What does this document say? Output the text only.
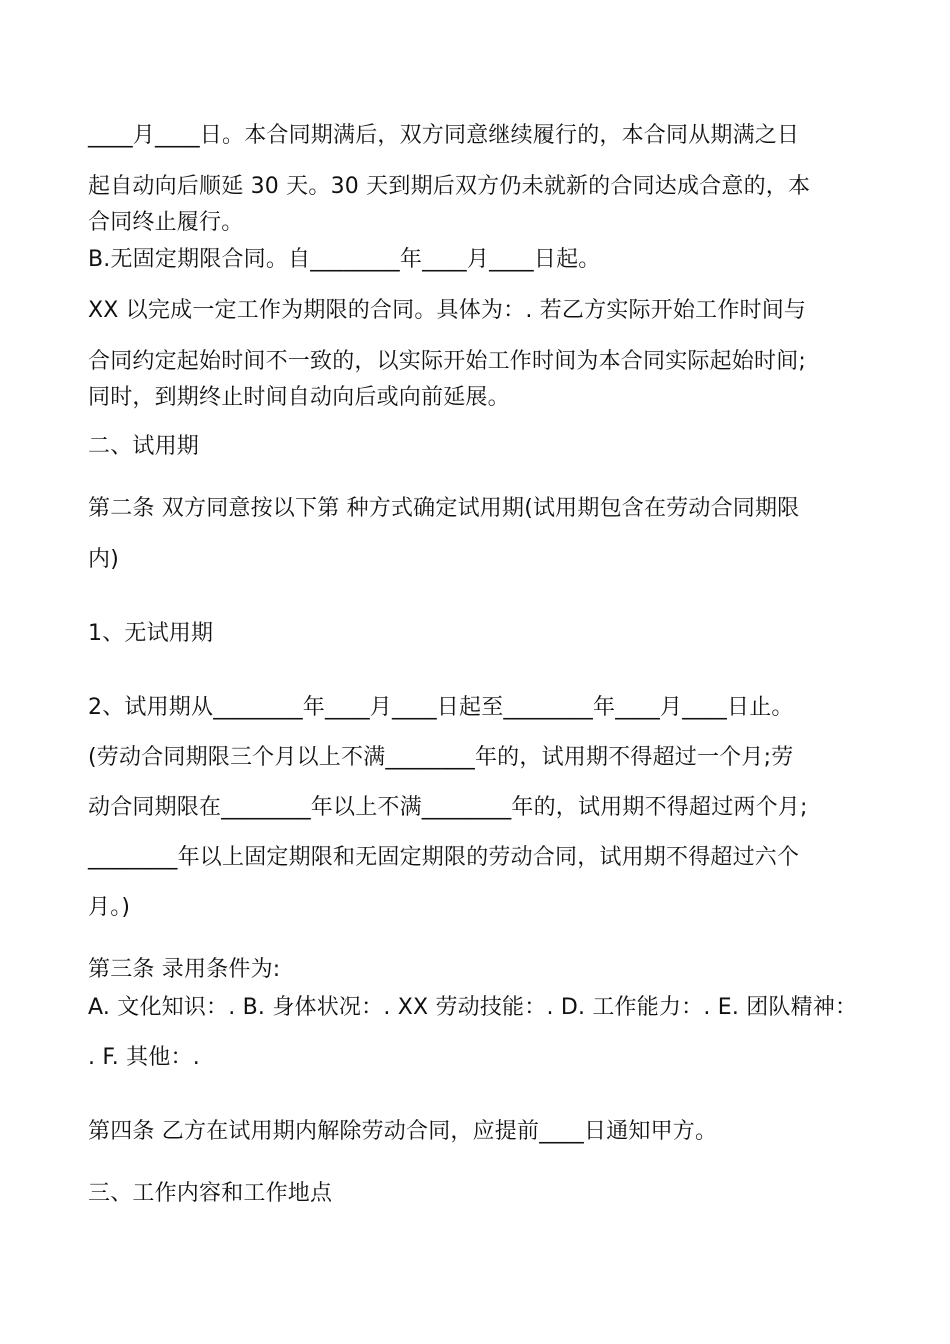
____月____日。本合同期满后，双方同意继续履行的，本合同从期满之日
起自动向后顺延 30 天。30 天到期后双方仍未就新的合同达成合意的，本
合同终止履行。
B.无固定期限合同。自________年____月____日起。
XX 以完成一定工作为期限的合同。具体为：. 若乙方实际开始工作时间与
合同约定起始时间不一致的，以实际开始工作时间为本合同实际起始时间;
同时，到期终止时间自动向后或向前延展。
二、试用期
第二条 双方同意按以下第 种方式确定试用期(试用期包含在劳动合同期限
内)
1、无试用期
2、试用期从________年____月____日起至________年____月____日止。
(劳动合同期限三个月以上不满________年的，试用期不得超过一个月;劳
动合同期限在________年以上不满________年的，试用期不得超过两个月;
________年以上固定期限和无固定期限的劳动合同，试用期不得超过六个
月。)
第三条 录用条件为:
A. 文化知识：. B. 身体状况：. XX 劳动技能：. D. 工作能力：. E. 团队精神：
. F. 其他：.
第四条 乙方在试用期内解除劳动合同，应提前____日通知甲方。
三、工作内容和工作地点
